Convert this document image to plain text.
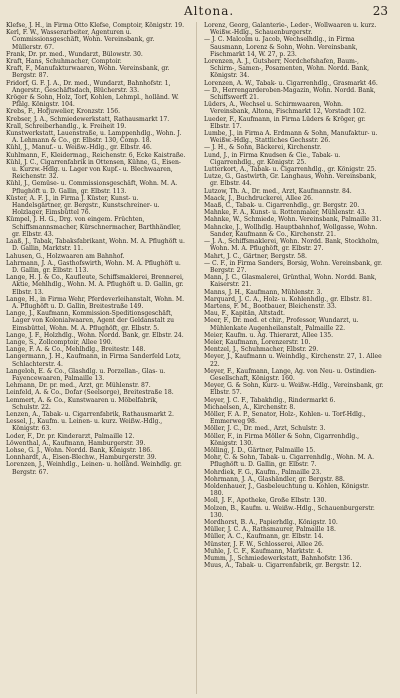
Altona.	23

Klefse, J. H., in Firma Otto Klefse, Comptoir, Königstr. 19.

Kerl, F. W., Wasserarbeiter, Agenturen u. Commissionsgeschäft, Wohn. Vereinsbank, gr. Müllerstr. 67.

Frank, Dr. pr. med., Wundarzt, Bülowstr. 30.

Kraft, Hans, Schuhmacher, Comptoir.

Kraft, F., Manufakturwaaren, Wohn. Vereinsbank, gr. Bergstr. 87.

Fridorf, G. F. J. A., Dr. med., Wundarzt, Bahnhofstr. 1, Angerstr., Geschäftsdach, Blücherstr. 33.

Kröger & Sohn, Holz, Torf, Kohlen, Lehmpl., holländ. W. Pfälg. Königstr. 104.

Krebs, F., Hofjuwelier, Kronzstr. 156.

Krebser, J. A., Schmiedewerkstatt, Rathausmarkt 17.

Krall, Schreiberhandlg., k. Freiheit 19.

Kunstwerkstatt, Lauenstraße, u. Lamppenhdlg., Wohn. J. A. Lehmann & Co., gr. Elbstr. 130, Comp. 18.

Kühl, J., Manuf.- u. Weißw.-Hdlg., gr. Elbstr. 46.

Kuhlmann, F., Kleidermag., Reichenstr. 6, Ecke Kaistraße.

Kühl, J. C., Cigarrenfabrik in Ottensen, Kühne, G., Eisen- u. Kurzw.-Hdlg. u. Lager von Kupf.- u. Blechwaaren, Reichenstr. 32.

Kühl, J., Gemüse- u. Commissionsgeschäft, Wohn. M. A. Pflughöft u. D. Gallin, gr. Elbstr. 113.

Küster, A. F. J., in Firma J. Küster, Kunst- u. Handelsgärtner, gr. Bergstr., Kunstschreiner- u. Holzlager, Eimsbüttel 76.

Kümpel, J. H. G., Drg. von eingem. Früchten, Schiffsmannsmacher, Kürschnermacher, Barthhändler, gr. Elbstr. 43.

Laaß, J., Tabak, Tabaksfabrikant, Wohn. M. A. Pflughöft u. D. Gallin, Marktstr. 11.

Lahusen, G., Holzwaaren am Bahnhof.

Lahrmann, J. A., Gasthofswirth, Wohn. M. A. Pflughöft u. D. Gallin, gr. Elbstr. 113.

Lange, H. J. & Co., Kaufleute, Schiffsmaklerei, Brennerei, Aktie, Mehlhdlg., Wohn. M. A. Pflughöft u. D. Gallin, gr. Elbstr. 13.

Lange, H., in Firma Wehr, Pferdeverleihanstalt, Wohn. M. A. Pflughöft u. D. Gallin, Breitestraße 149.

Lange, J., Kaufmann, Kommission-Speditionsgeschäft, Lager von Kolonialwaaren, Agent der Geldanstalt zu Eimsbüttel, Wohn. M. A. Pflughöft, gr. Elbstr. 5.

Lange, J. F., Holzhdlg., Wohn. Nordd. Bank, gr. Elbstr. 24.

Lange, S., Zollcomptoir, Allee 190.

Lange, F. A. & Co., Mehlhdlg., Breitestr. 148.

Langermann, J. H., Kaufmann, in Firma Sanderfeld Lotz, Schlachterstr. 4.

Langeloh, E. & Co., Glashdlg. u. Porzellan-, Glas- u. Fayencewaaren, Palmaille 13.

Lehmann, Dr. pr. med., Arzt, gr. Mühlenstr. 87.

Leinfeld, A. & Co., Dofar (Seelsorge), Breitestraße 18.

Lemmert, A. & Co., Kunstwaaren u. Möbelfabrik, Schulstr. 22.

Lenzen, A., Tabak- u. Cigarrenfabrik, Rathausmarkt 2.

Lessel, J., Kaufm. u. Leinen- u. kurz. Weißw.-Hdlg., Königstr. 63.

Loder, F., Dr. pr. Kinderarzt, Palmaille 12.

Löwenthal, A., Kaufmann, Hamburgerstr. 39.

Lohse, G. J., Wohn. Nordd. Bank, Königstr. 186.

Lonnhardt, A., Eisen-Blechw., Hamburgerstr. 39.

Lorenzen, J., Weinhdlg., Leinen- u. holländ. Weinhdlg. gr. Bergstr. 67.

Lorenz, Georg, Galanterie-, Leder-, Wollwaaren u. kurz. Weißw.-Hdlg., Schauenburgerstr.

— J. C. Malcolm u. Jacob, Wechselhdlg., in Firma Sausmann, Lorenz & Sohn, Wohn. Vereinsbank, Fischmarkt 14, W. 27, p. 23.

Lorenzen, A. J., Gutsherr, Nordchefshafen, Baum-, Schirm-, Samen-, Posamenten, Wohn. Nordd. Bank, Königstr. 34.

Lorenzen, A. W., Tabak- u. Cigarrenhdlg., Grasmarkt 46.

— D., Herrengarderoben-Magazin, Wohn. Nordd. Bank, Schiffswerft 21.

Lüders, A., Wechsel u. Schirmwaaren, Wohn. Vereinsbank, Altona, Fischmarkt 12, Vorstadt 102.

Lueder, F., Kaufmann, in Firma Lüders & Kröger, gr. Elbstr. 17.

Lumbe, J., in Firma A. Erdmann & Sohn, Manufaktur- u. Weißw.-Hdlg., Stattliches Gechsstr. 26.

— J. H., & Sohn, Bäckerei, Kirchenstr.

Lund, J., in Firma Knudsen & Cie., Tabak- u. Cigarrenhdlg., gr. Königstr. 25.

Lutterkort, A., Tabak- u. Cigarrenhdlg., gr. Königstr. 25.

Lutze, G., Gastwirth, Gr. Langhaus, Wohn. Vereinsbank, gr. Elbstr. 44.

Lutzow, Th. A., Dr. med., Arzt, Kaufmannstr. 84.

Maack, J., Buchdruckerei, Allee 26.

Maaß, C., Tabak- u. Cigarrenhdlg., gr. Bergstr. 20.

Mahnke, F. A., Kunst- u. Rottenmaler, Mühlenstr. 43.

Mahnke, W., Schmiede, Wohn. Vereinsbank, Palmaille 31.

Mahncke, J., Wollhdlg. Hauptbahnhof, Wollgasse, Wohn. Sander, Kaufmann & Co., Kirchenstr. 21.

— J. A., Schiffsmaklerei, Wohn. Nordd. Bank, Stockholm, Wohn. M. A. Pflughöft, gr. Elbstr. 27.

Mahrt, J. C., Gärtner, Bergstr. 58.

— C. F., in Firma Sanders, Borsig, Wohn. Vereinsbank, gr. Bergstr. 27.

Mann, J. C., Glasmalerei, Grünthal, Wohn. Nordd. Bank, Kaiserstr. 21.

Manns, J. H., Kaufmann, Mühlenstr. 3.

Marquard, J. C. A., Holz- u. Kohlenhdlg., gr. Elbstr. 81.

Martens, F. M., Bootbauer, Bleichenstr. 33.

Mau, F., Kapitän, Altstadt.

Meer, F., Dr. med. et chir., Professor, Wundarzt, u. Mühlenkate Augenheilanstalt, Palmaille 22.

Meier, Kaufm. u. Ag. Thierarzt, Allee 135.

Meier, Kaufmann, Lorenzerstr. 10.

Mentzel, J., Schuhmacher, Elbstr. 29.

Meyer, J., Kaufmann u. Weinhdlg., Kirchenstr. 27, 1. Allee 22.

Meyer, F., Kaufmann, Lange, Ag. von Neu- u. Ostindien-Gesellschaft, Königstr. 160.

Meyer, G. & Sohn, Kurz- u. Weißw.-Hdlg., Vereinsbank, gr. Elbstr. 57.

Meyer, J. C. F., Tabakhdlg., Rindermarkt 6.

Michaelsen, A., Kirchenstr. 8.

Möller, F. A. P., Senator, Holz-, Kohlen- u. Torf-Hdlg., Emmerweg 98.

Möller, J. C., Dr. med., Arzt, Schulstr. 3.

Möller, F., in Firma Möller & Sohn, Cigarrenhdlg., Königstr. 130.

Mölling, J. D., Gärtner, Palmaille 15.

Mohr, C. & Sohn, Tabak- u. Cigarrenhdlg., Wohn. M. A. Pflughöft u. D. Gallin, gr. Elbstr. 7.

Mohrdiek, F. G., Kaufm., Palmaille 23.

Mohrmann, J. A., Glashändler, gr. Bergstr. 88.

Moldenhauer, J., Gasbeleuchtung u. Kohlen, Königstr. 180.

Moll, J. F., Apotheke, Große Elbstr. 130.

Molzen, B., Kaufm. u. Weißw.-Hdlg., Schauenburgerstr. 130.

Mordhorst, B. A., Papierhdlg., Königstr. 10.

Müller, J. C. A., Rathsmaurer, Palmaille 18.

Müller, A. C., Kaufmann, gr. Elbstr. 14.

Münster, J. F. W., Schlosserei, Allee 26.

Muhle, J. C. F., Kaufmann, Marktstr. 4.

Mumm, J., Schmiedewerkstatt, Bahnhofstr. 136.

Muus, A., Tabak- u. Cigarrenfabrik, gr. Bergstr. 12.
